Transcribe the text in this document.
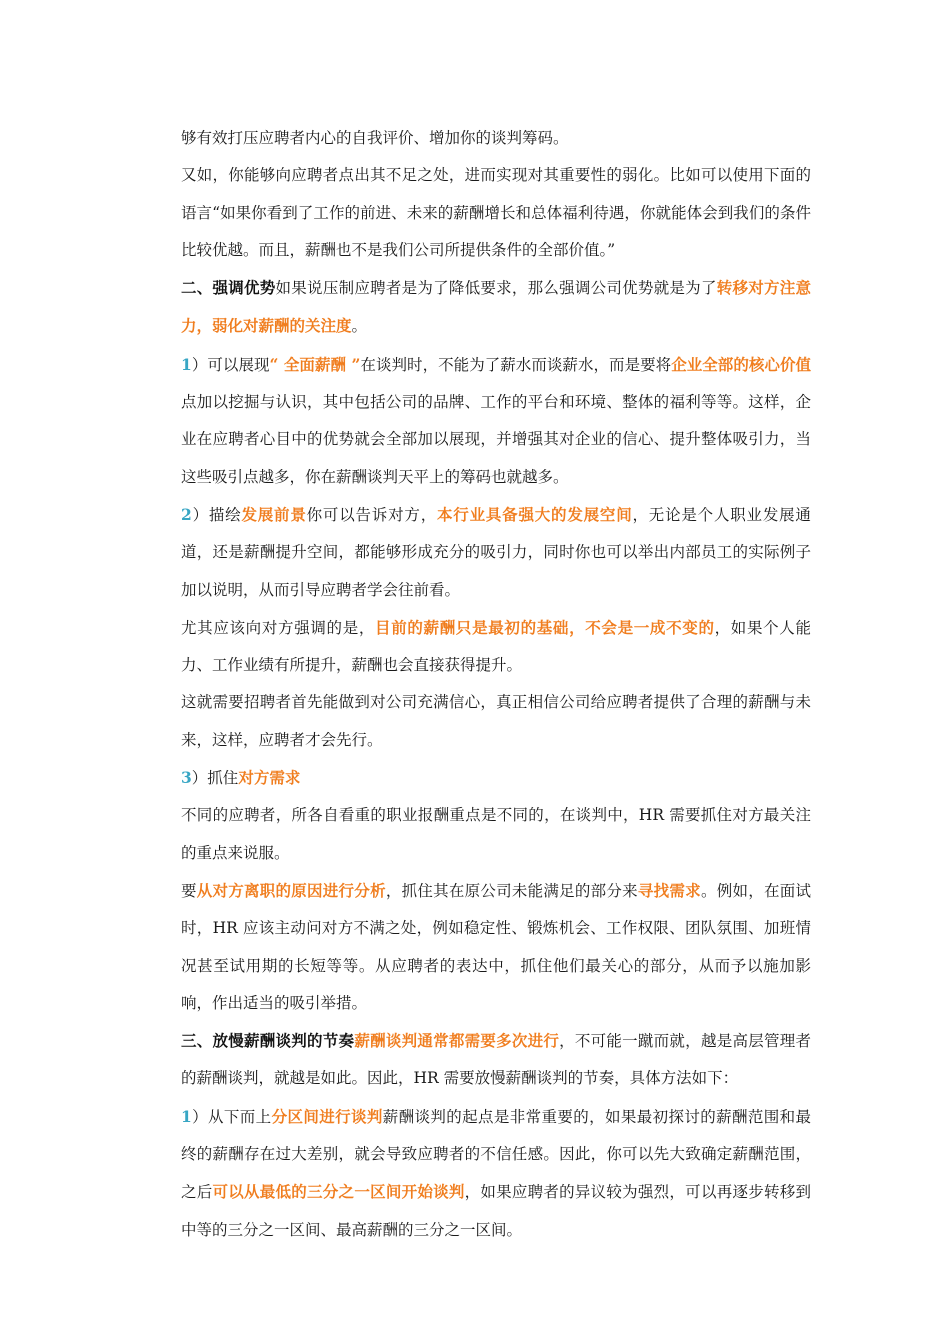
够有效打压应聘者内心的自我评价、增加你的谈判筹码。

又如，你能够向应聘者点出其不足之处，进而实现对其重要性的弱化。比如可以使用下面的语言“如果你看到了工作的前进、未来的薪酬增长和总体福利待遇，你就能体会到我们的条件比较优越。而且，薪酬也不是我们公司所提供条件的全部价值。”

二、强调优势如果说压制应聘者是为了降低要求，那么强调公司优势就是为了转移对方注意力，弱化对薪酬的关注度。

1）可以展现“ 全面薪酬 ”在谈判时，不能为了薪水而谈薪水，而是要将企业全部的核心价值点加以挖掘与认识，其中包括公司的品牌、工作的平台和环境、整体的福利等等。这样，企业在应聘者心目中的优势就会全部加以展现，并增强其对企业的信心、提升整体吸引力，当这些吸引点越多，你在薪酬谈判天平上的筹码也就越多。

2）描绘发展前景你可以告诉对方，本行业具备强大的发展空间，无论是个人职业发展通道，还是薪酬提升空间，都能够形成充分的吸引力，同时你也可以举出内部员工的实际例子加以说明，从而引导应聘者学会往前看。

尤其应该向对方强调的是，目前的薪酬只是最初的基础，不会是一成不变的，如果个人能力、工作业绩有所提升，薪酬也会直接获得提升。

这就需要招聘者首先能做到对公司充满信心，真正相信公司给应聘者提供了合理的薪酬与未来，这样，应聘者才会先行。

3）抓住对方需求

不同的应聘者，所各自看重的职业报酬重点是不同的，在谈判中，HR 需要抓住对方最关注的重点来说服。

要从对方离职的原因进行分析，抓住其在原公司未能满足的部分来寻找需求。例如，在面试时，HR 应该主动问对方不满之处，例如稳定性、锻炼机会、工作权限、团队氛围、加班情况甚至试用期的长短等等。从应聘者的表达中，抓住他们最关心的部分，从而予以施加影响，作出适当的吸引举措。

三、放慢薪酬谈判的节奏薪酬谈判通常都需要多次进行，不可能一蹴而就，越是高层管理者的薪酬谈判，就越是如此。因此，HR 需要放慢薪酬谈判的节奏，具体方法如下：

1）从下而上分区间进行谈判薪酬谈判的起点是非常重要的，如果最初探讨的薪酬范围和最终的薪酬存在过大差别，就会导致应聘者的不信任感。因此，你可以先大致确定薪酬范围，之后可以从最低的三分之一区间开始谈判，如果应聘者的异议较为强烈，可以再逐步转移到中等的三分之一区间、最高薪酬的三分之一区间。
